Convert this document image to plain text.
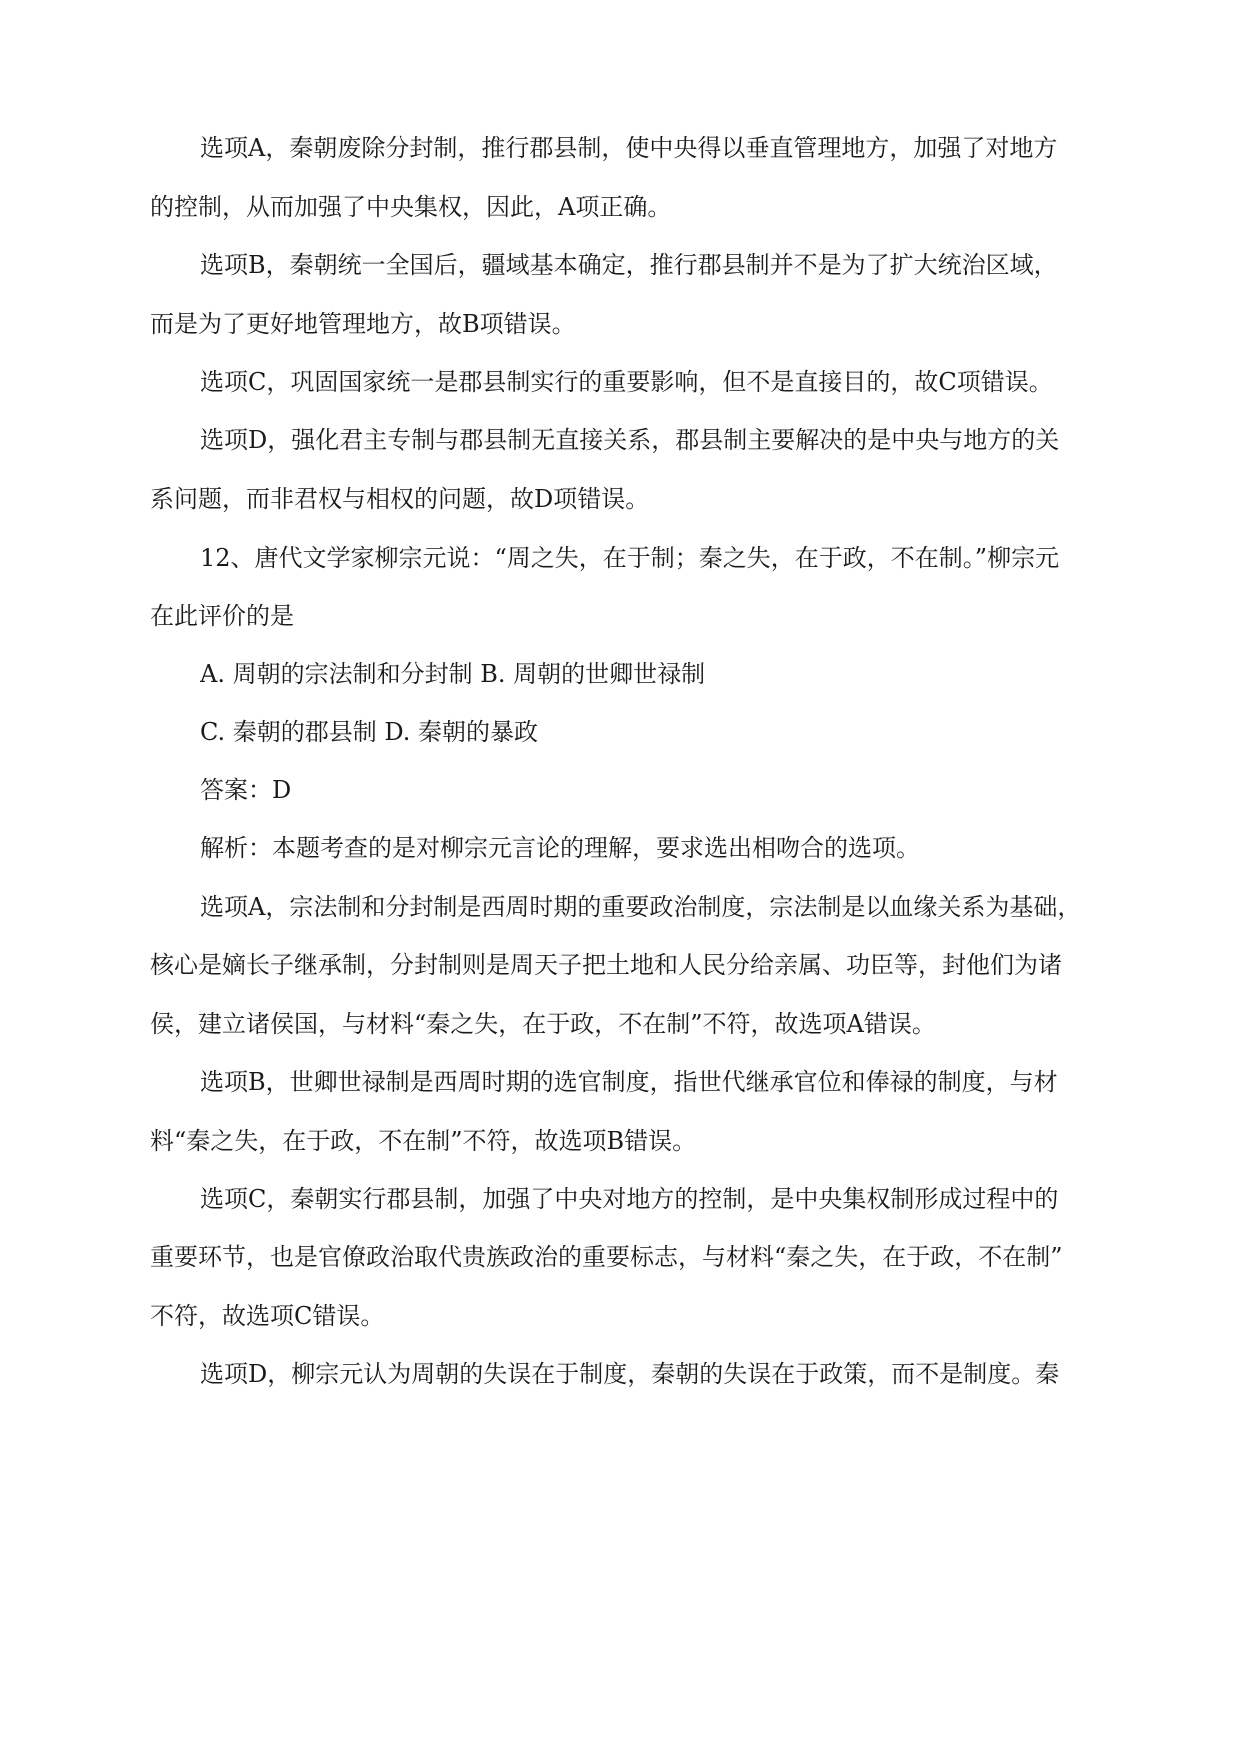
选项A，秦朝废除分封制，推行郡县制，使中央得以垂直管理地方，加强了对地方

的控制，从而加强了中央集权，因此，A项正确。

选项B，秦朝统一全国后，疆域基本确定，推行郡县制并不是为了扩大统治区域，

而是为了更好地管理地方，故B项错误。

选项C，巩固国家统一是郡县制实行的重要影响，但不是直接目的，故C项错误。

选项D，强化君主专制与郡县制无直接关系，郡县制主要解决的是中央与地方的关

系问题，而非君权与相权的问题，故D项错误。

12、唐代文学家柳宗元说：“周之失，在于制；秦之失，在于政，不在制。”柳宗元

在此评价的是

A. 周朝的宗法制和分封制 B. 周朝的世卿世禄制

C. 秦朝的郡县制 D. 秦朝的暴政

答案：D

解析：本题考查的是对柳宗元言论的理解，要求选出相吻合的选项。

选项A，宗法制和分封制是西周时期的重要政治制度，宗法制是以血缘关系为基础，

核心是嫡长子继承制，分封制则是周天子把土地和人民分给亲属、功臣等，封他们为诸

侯，建立诸侯国，与材料“秦之失，在于政，不在制”不符，故选项A错误。

选项B，世卿世禄制是西周时期的选官制度，指世代继承官位和俸禄的制度，与材

料“秦之失，在于政，不在制”不符，故选项B错误。

选项C，秦朝实行郡县制，加强了中央对地方的控制，是中央集权制形成过程中的

重要环节，也是官僚政治取代贵族政治的重要标志，与材料“秦之失，在于政，不在制”

不符，故选项C错误。

选项D，柳宗元认为周朝的失误在于制度，秦朝的失误在于政策，而不是制度。秦
